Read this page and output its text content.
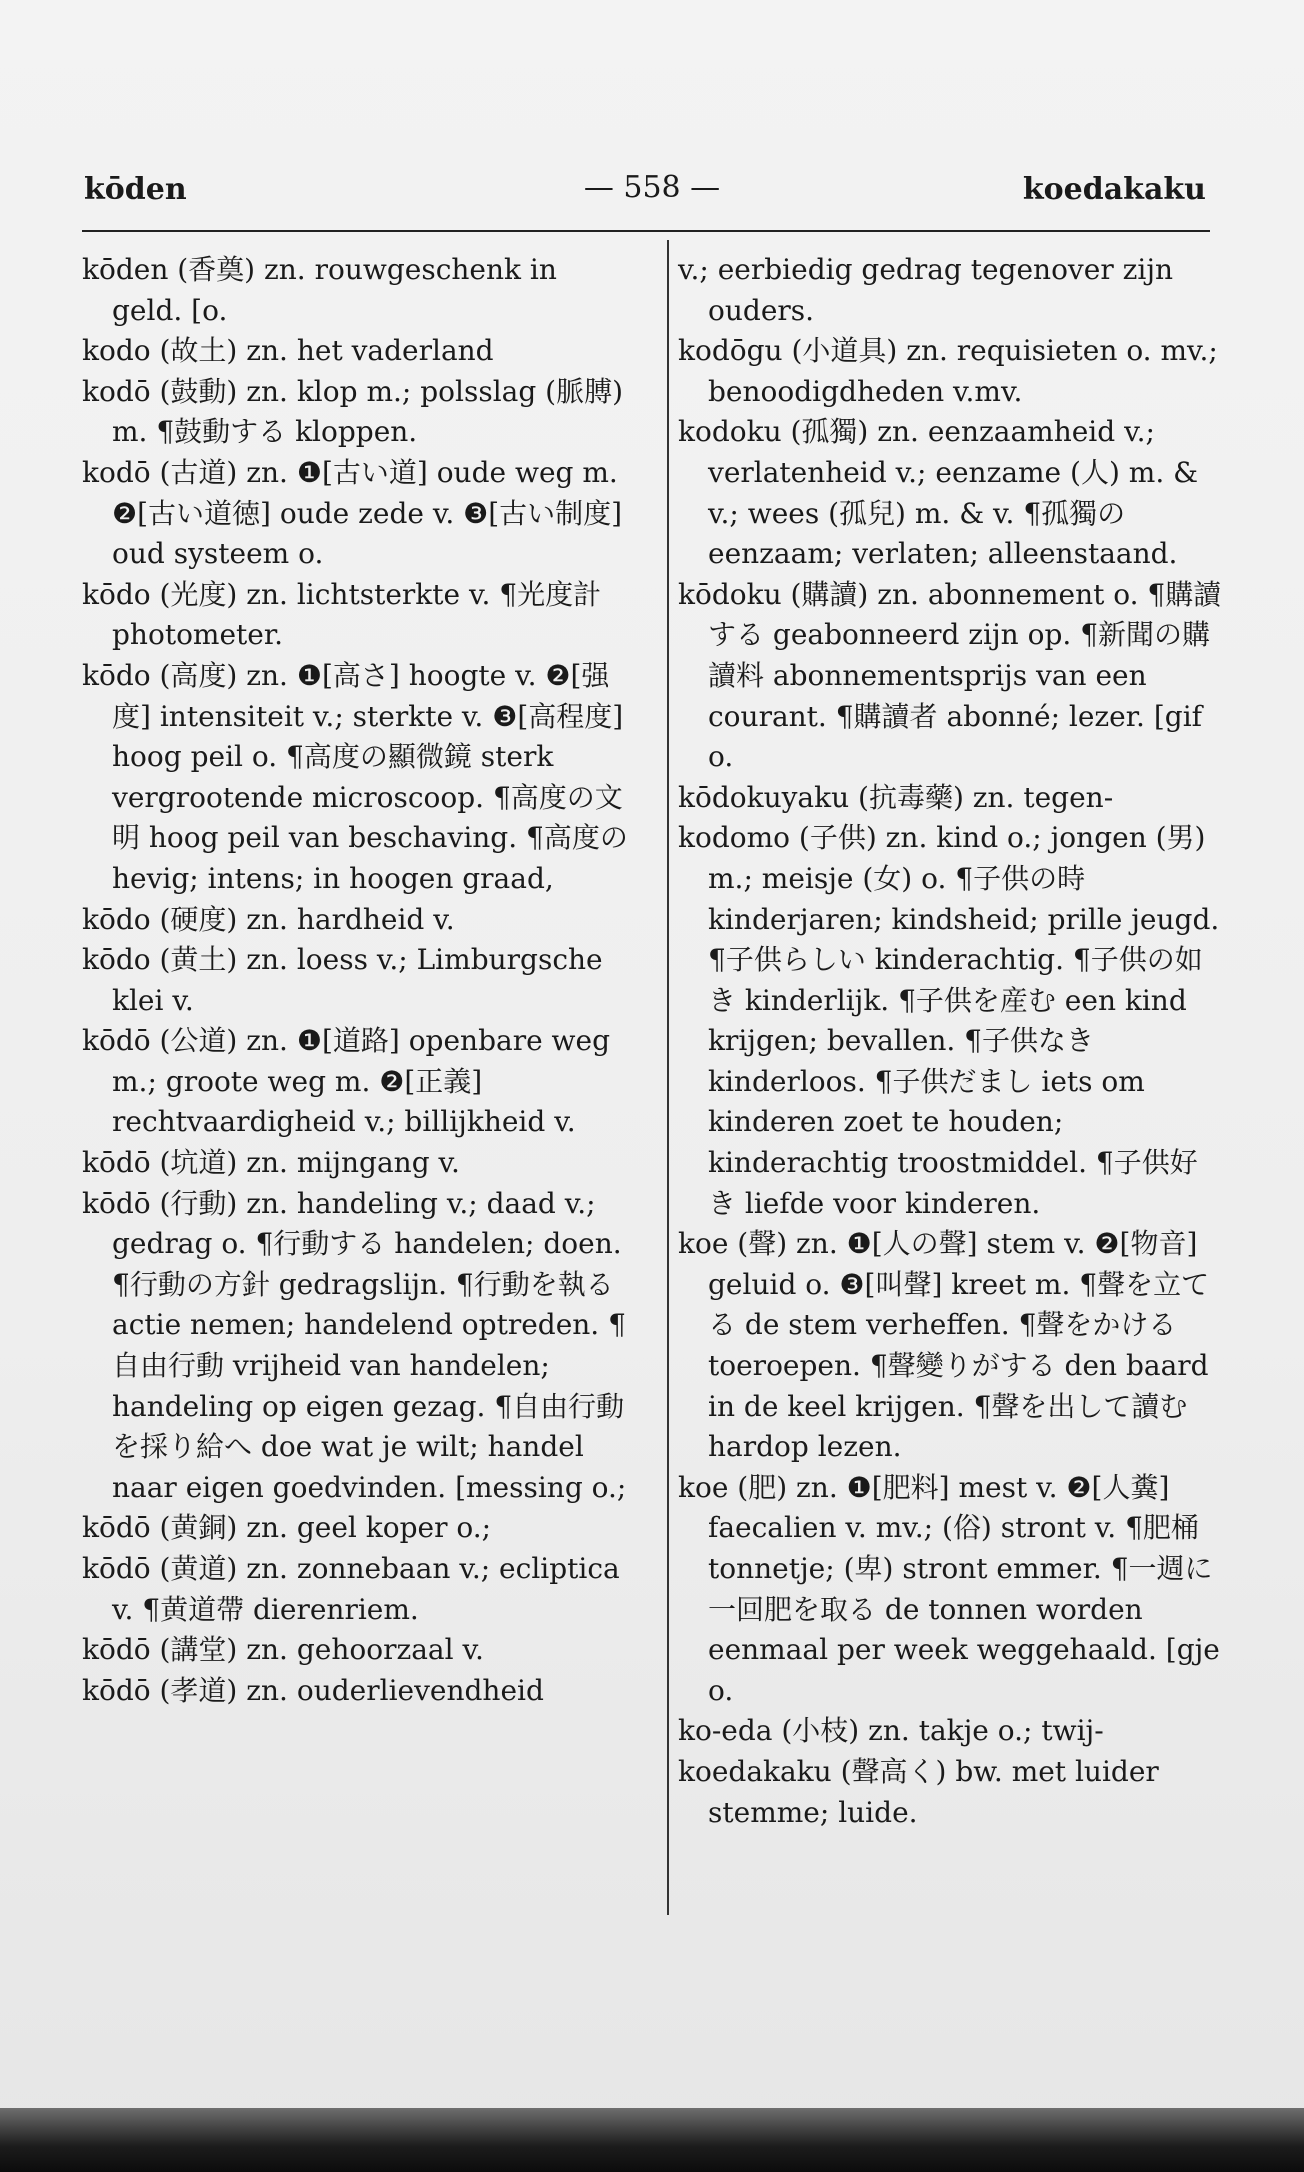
kōden	— 558 —	koedakaku

kōden (香奠) zn. rouwgeschenk in geld. [o.

kodo (故土) zn. het vaderland

kodō (鼓動) zn. klop m.; polsslag (脈膊) m. ¶鼓動する kloppen.

kodō (古道) zn. ❶[古い道] oude weg m. ❷[古い道徳] oude zede v. ❸[古い制度] oud systeem o.

kōdo (光度) zn. lichtsterkte v. ¶光度計 photometer.

kōdo (高度) zn. ❶[高さ] hoogte v. ❷[强度] intensiteit v.; sterkte v. ❸[高程度] hoog peil o. ¶高度の顯微鏡 sterk vergrootende microscoop. ¶高度の文明 hoog peil van beschaving. ¶高度の hevig; intens; in hoogen graad,

kōdo (硬度) zn. hardheid v.

kōdo (黄土) zn. loess v.; Limburgsche klei v.

kōdō (公道) zn. ❶[道路] openbare weg m.; groote weg m. ❷[正義] rechtvaardigheid v.; billijkheid v.

kōdō (坑道) zn. mijngang v.

kōdō (行動) zn. handeling v.; daad v.; gedrag o. ¶行動する handelen; doen. ¶行動の方針 gedragslijn. ¶行動を執る actie nemen; handelend optreden. ¶自由行動 vrijheid van handelen; handeling op eigen gezag. ¶自由行動を採り給へ doe wat je wilt; handel naar eigen goedvinden. [messing o.;

kōdō (黄銅) zn. geel koper o.;

kōdō (黄道) zn. zonnebaan v.; ecliptica v. ¶黄道帶 dierenriem.

kōdō (講堂) zn. gehoorzaal v.

kōdō (孝道) zn. ouderlievendheid

v.; eerbiedig gedrag tegenover zijn ouders.

kodōgu (小道具) zn. requisieten o. mv.; benoodigdheden v.mv.

kodoku (孤獨) zn. eenzaamheid v.; verlatenheid v.; eenzame (人) m. & v.; wees (孤兒) m. & v. ¶孤獨の eenzaam; verlaten; alleenstaand.

kōdoku (購讀) zn. abonnement o. ¶購讀する geabonneerd zijn op. ¶新聞の購讀料 abonnementsprijs van een courant. ¶購讀者 abonné; lezer. [gif o.

kōdokuyaku (抗毒藥) zn. tegen-

kodomo (子供) zn. kind o.; jongen (男) m.; meisje (女) o. ¶子供の時 kinderjaren; kindsheid; prille jeugd. ¶子供らしい kinderachtig. ¶子供の如き kinderlijk. ¶子供を産む een kind krijgen; bevallen. ¶子供なき kinderloos. ¶子供だまし iets om kinderen zoet te houden; kinderachtig troostmiddel. ¶子供好き liefde voor kinderen.

koe (聲) zn. ❶[人の聲] stem v. ❷[物音] geluid o. ❸[叫聲] kreet m. ¶聲を立てる de stem verheffen. ¶聲をかける toeroepen. ¶聲變りがする den baard in de keel krijgen. ¶聲を出して讀む hardop lezen.

koe (肥) zn. ❶[肥料] mest v. ❷[人糞] faecalien v. mv.; (俗) stront v. ¶肥桶 tonnetje; (卑) stront emmer. ¶一週に一回肥を取る de tonnen worden eenmaal per week weggehaald. [gje o.

ko-eda (小枝) zn. takje o.; twij-

koedakaku (聲高く) bw. met luider stemme; luide.
